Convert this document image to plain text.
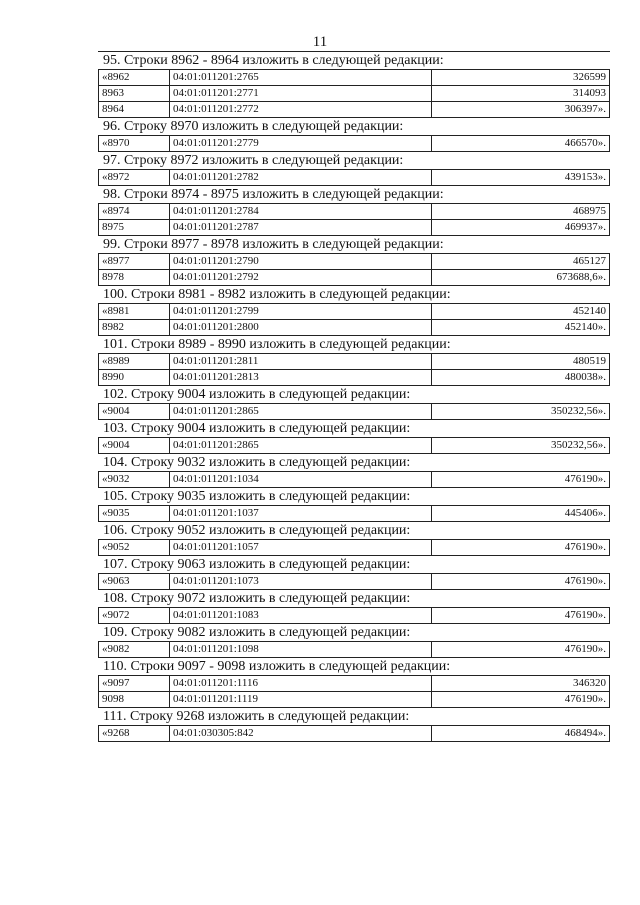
11
95. Строки 8962 - 8964 изложить в следующей редакции:
«8962	04:01:011201:2765	326599
8963	04:01:011201:2771	314093
8964	04:01:011201:2772	306397».
96. Строку 8970 изложить в следующей редакции:
«8970	04:01:011201:2779	466570».
97. Строку 8972 изложить в следующей редакции:
«8972	04:01:011201:2782	439153».
98. Строки 8974 - 8975 изложить в следующей редакции:
«8974	04:01:011201:2784	468975
8975	04:01:011201:2787	469937».
99. Строки 8977 - 8978 изложить в следующей редакции:
«8977	04:01:011201:2790	465127
8978	04:01:011201:2792	673688,6».
100. Строки 8981 - 8982 изложить в следующей редакции:
«8981	04:01:011201:2799	452140
8982	04:01:011201:2800	452140».
101. Строки 8989 - 8990 изложить в следующей редакции:
«8989	04:01:011201:2811	480519
8990	04:01:011201:2813	480038».
102. Строку 9004 изложить в следующей редакции:
«9004	04:01:011201:2865	350232,56».
103. Строку 9004 изложить в следующей редакции:
«9004	04:01:011201:2865	350232,56».
104. Строку 9032 изложить в следующей редакции:
«9032	04:01:011201:1034	476190».
105. Строку 9035 изложить в следующей редакции:
«9035	04:01:011201:1037	445406».
106. Строку 9052 изложить в следующей редакции:
«9052	04:01:011201:1057	476190».
107. Строку 9063 изложить в следующей редакции:
«9063	04:01:011201:1073	476190».
108. Строку 9072 изложить в следующей редакции:
«9072	04:01:011201:1083	476190».
109. Строку 9082 изложить в следующей редакции:
«9082	04:01:011201:1098	476190».
110. Строки 9097 - 9098 изложить в следующей редакции:
«9097	04:01:011201:1116	346320
9098	04:01:011201:1119	476190».
111. Строку 9268 изложить в следующей редакции:
«9268	04:01:030305:842	468494».
